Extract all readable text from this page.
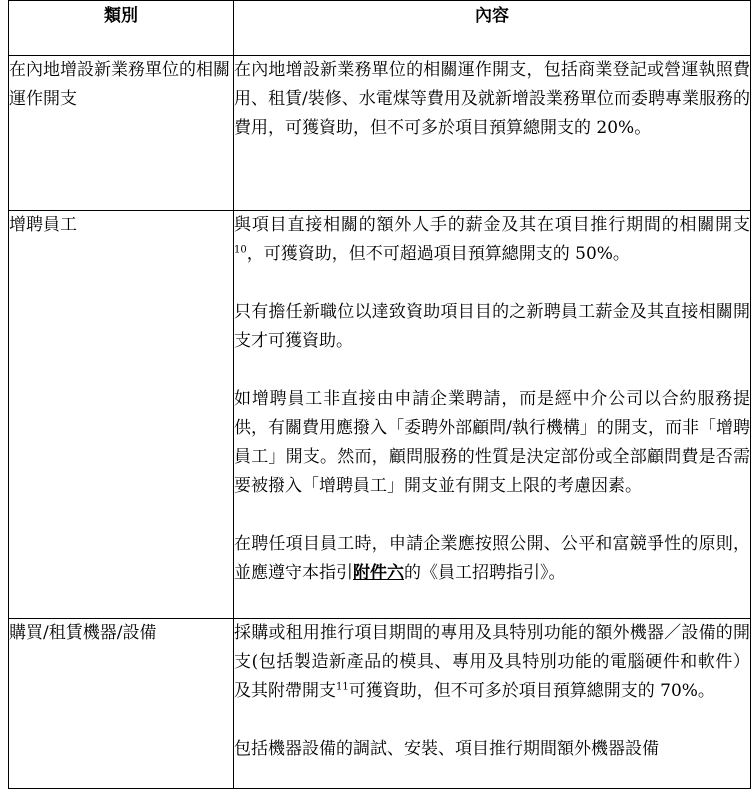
類別	內容
在內地增設新業務單位的相關運作開支	在內地增設新業務單位的相關運作開支，包括商業登記或營運執照費用、租賃/裝修、水電煤等費用及就新增設業務單位而委聘專業服務的費用，可獲資助，但不可多於項目預算總開支的 20%。

增聘員工	與項目直接相關的額外人手的薪金及其在項目推行期間的相關開支$^{10}$，可獲資助，但不可超過項目預算總開支的 50%。

只有擔任新職位以達致資助項目目的之新聘員工薪金及其直接相關開支才可獲資助。

如增聘員工非直接由申請企業聘請，而是經中介公司以合約服務提供，有關費用應撥入「委聘外部顧問/執行機構」的開支，而非「增聘員工」開支。然而，顧問服務的性質是決定部份或全部顧問費是否需要被撥入「增聘員工」開支並有開支上限的考慮因素。

在聘任項目員工時，申請企業應按照公開、公平和富競爭性的原則，並應遵守本指引附件六的《員工招聘指引》。

購買/租賃機器/設備	採購或租用推行項目期間的專用及具特別功能的額外機器／設備的開支(包括製造新產品的模具、專用及具特別功能的電腦硬件和軟件）及其附帶開支$^{11}$可獲資助，但不可多於項目預算總開支的 70%。

包括機器設備的調試、安裝、項目推行期間額外機器設備
